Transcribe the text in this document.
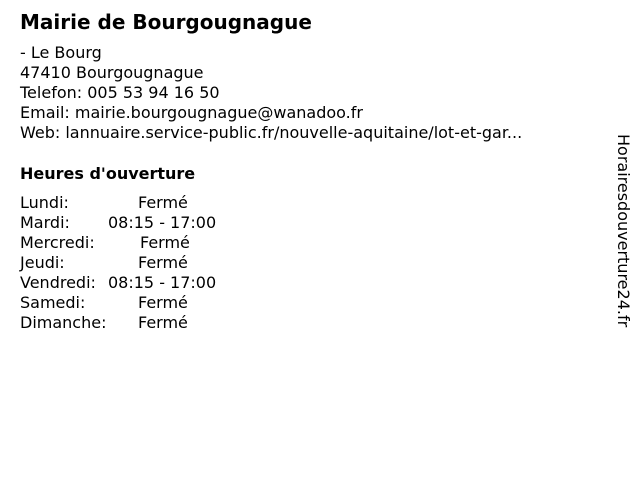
Mairie de Bourgougnague
- Le Bourg
47410 Bourgougnague
Telefon: 005 53 94 16 50
Email: mairie.bourgougnague@wanadoo.fr
Web: lannuaire.service-public.fr/nouvelle-aquitaine/lot-et-gar...
Heures d'ouverture
Lundi:	Fermé
Mardi: 08:15 - 17:00
Mercredi:	Fermé
Jeudi:	Fermé
Vendredi: 08:15 - 17:00
Samedi:	Fermé
Dimanche: Fermé	Horairesdouverture24.fr
